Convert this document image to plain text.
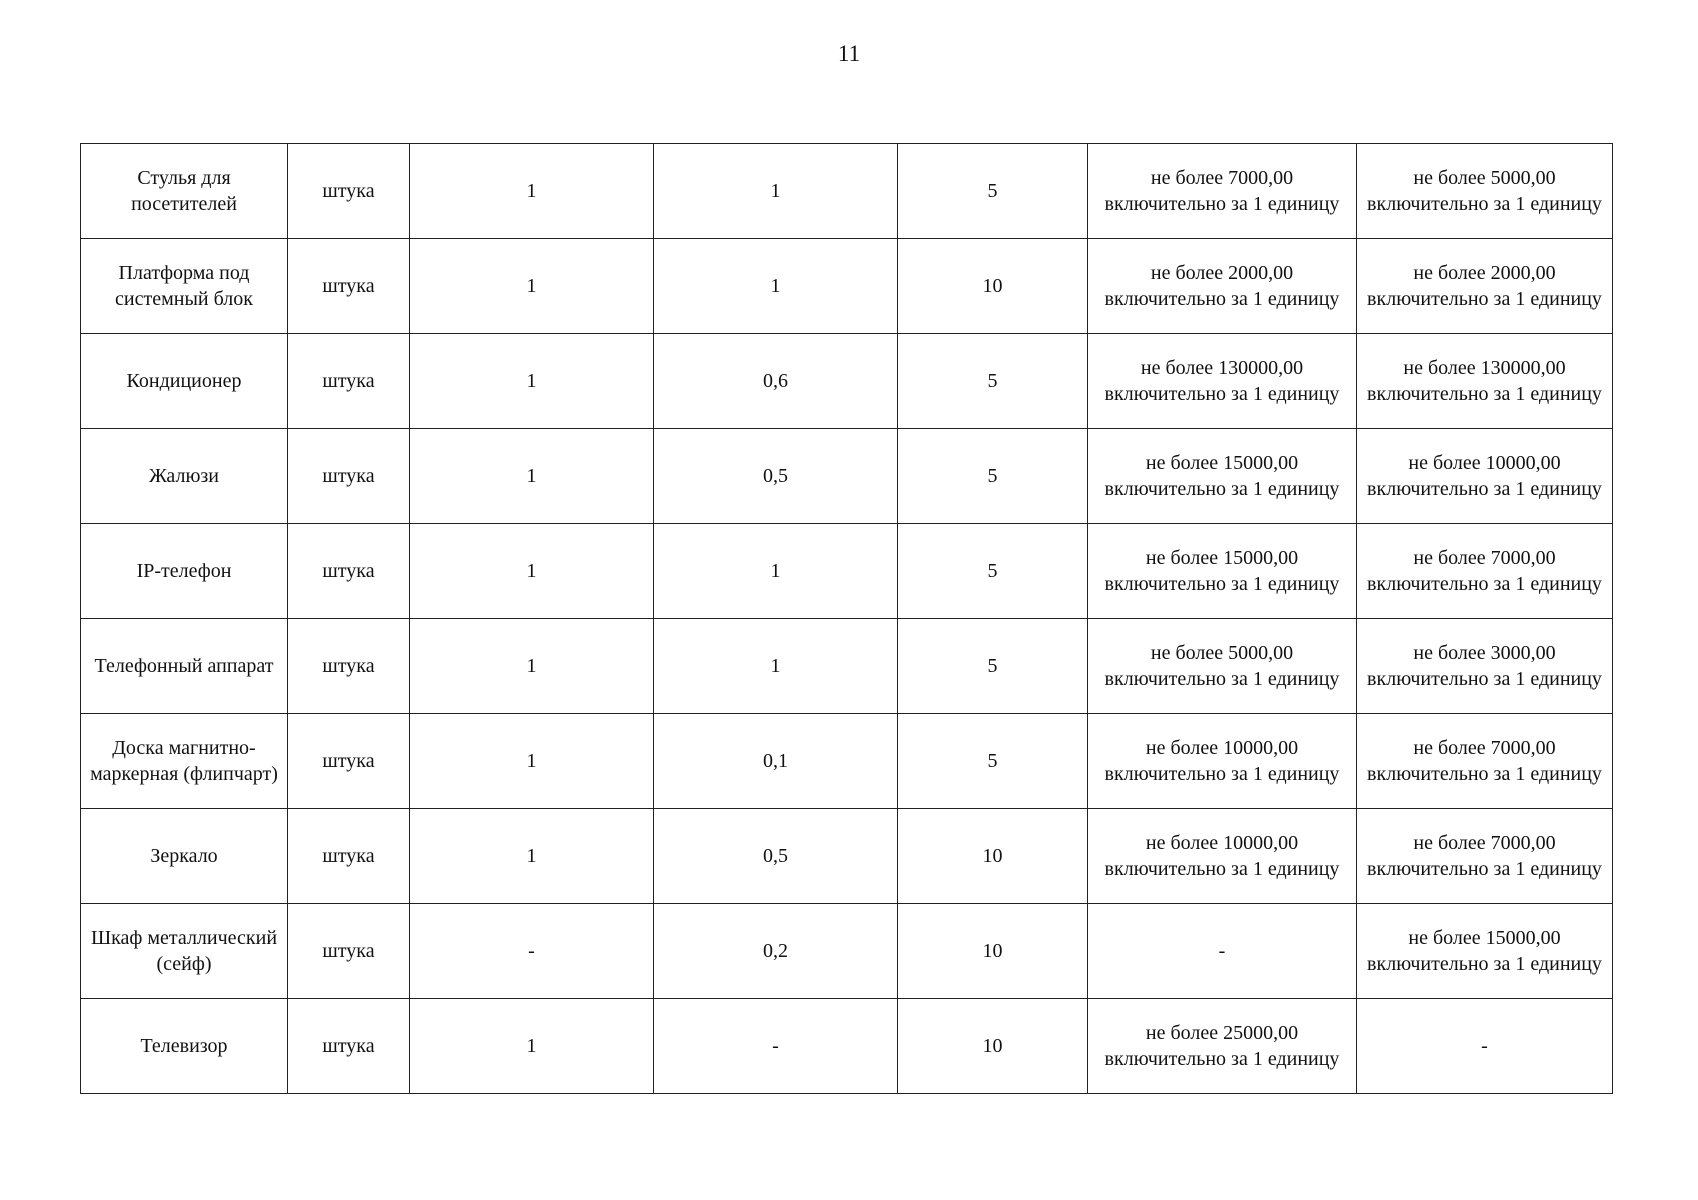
11
Стулья для посетителей	штука	1	1	5	не более 7000,00 включительно за 1 единицу	не более 5000,00 включительно за 1 единицу
Платформа под системный блок	штука	1	1	10	не более 2000,00 включительно за 1 единицу	не более 2000,00 включительно за 1 единицу
Кондиционер	штука	1	0,6	5	не более 130000,00 включительно за 1 единицу	не более 130000,00 включительно за 1 единицу
Жалюзи	штука	1	0,5	5	не более 15000,00 включительно за 1 единицу	не более 10000,00 включительно за 1 единицу
IP-телефон	штука	1	1	5	не более 15000,00 включительно за 1 единицу	не более 7000,00 включительно за 1 единицу
Телефонный аппарат	штука	1	1	5	не более 5000,00 включительно за 1 единицу	не более 3000,00 включительно за 1 единицу
Доска магнитно-маркерная (флипчарт)	штука	1	0,1	5	не более 10000,00 включительно за 1 единицу	не более 7000,00 включительно за 1 единицу
Зеркало	штука	1	0,5	10	не более 10000,00 включительно за 1 единицу	не более 7000,00 включительно за 1 единицу
Шкаф металлический (сейф)	штука	-	0,2	10	-	не более 15000,00 включительно за 1 единицу
Телевизор	штука	1	-	10	не более 25000,00 включительно за 1 единицу	-
